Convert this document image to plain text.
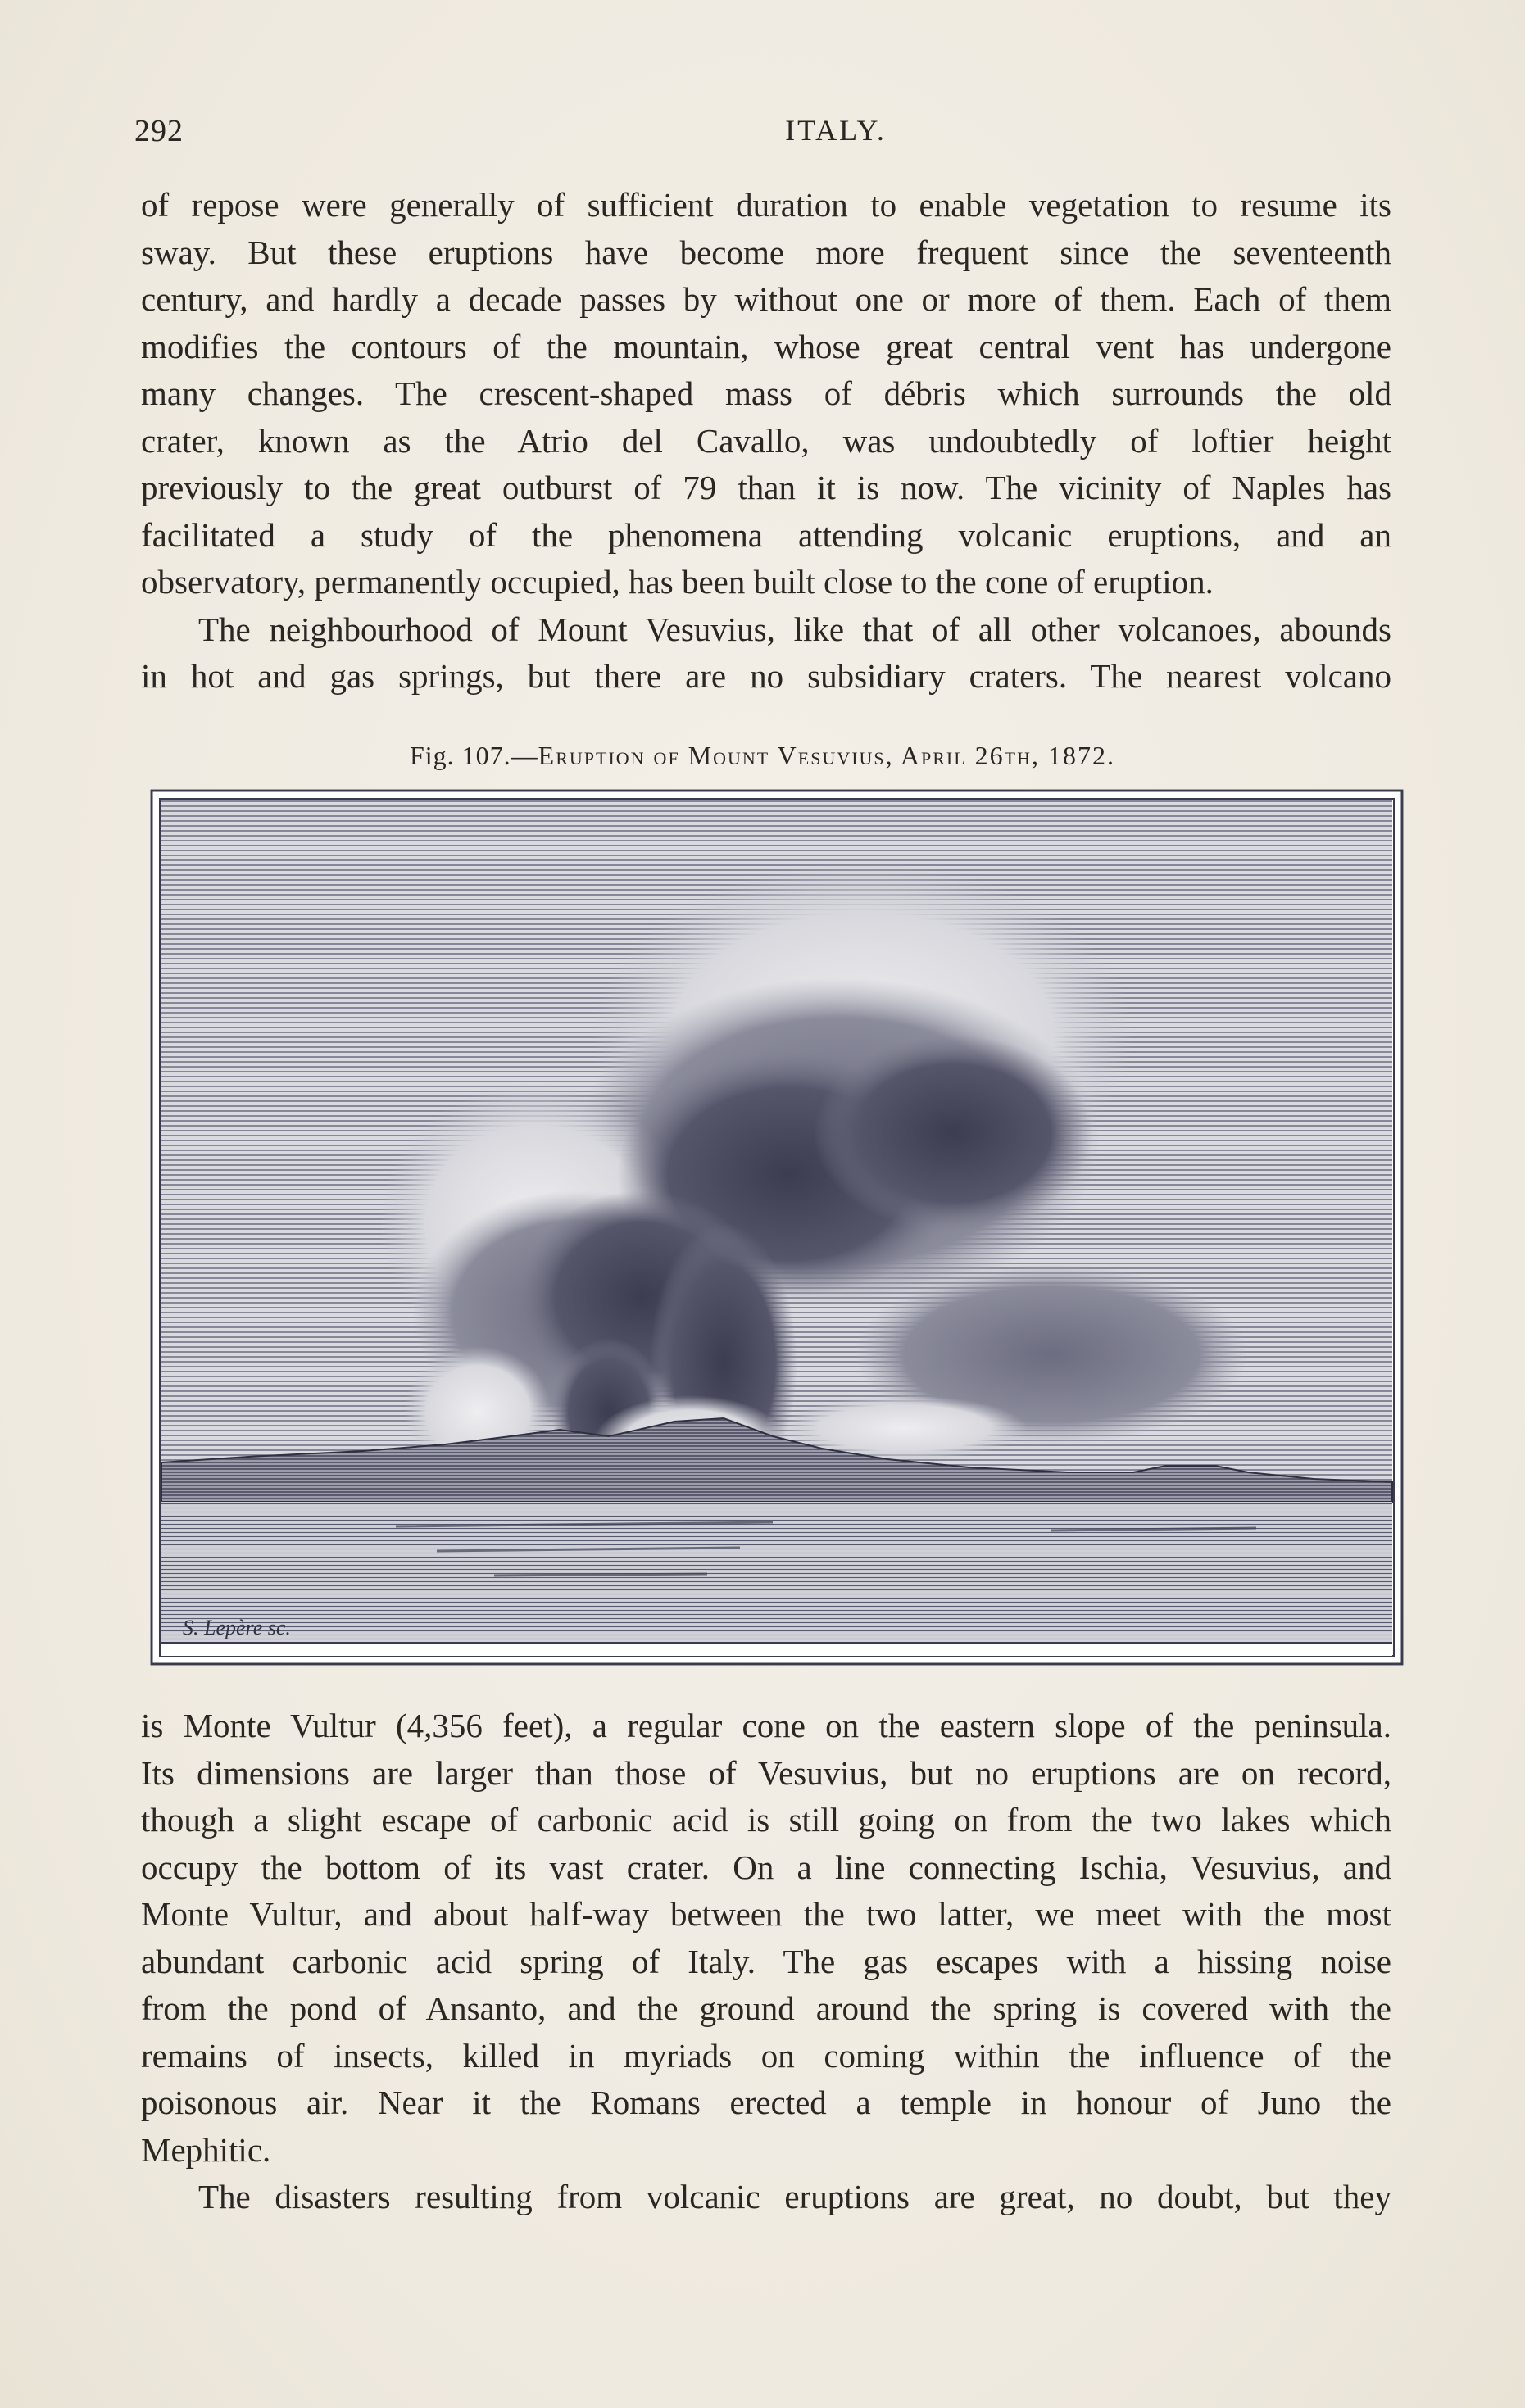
292	ITALY.

of repose were generally of sufficient duration to enable vegetation to resume its
sway. But these eruptions have become more frequent since the seventeenth
century, and hardly a decade passes by without one or more of them. Each of them
modifies the contours of the mountain, whose great central vent has undergone
many changes. The crescent-shaped mass of débris which surrounds the old
crater, known as the Atrio del Cavallo, was undoubtedly of loftier height
previously to the great outburst of 79 than it is now. The vicinity of Naples has
facilitated a study of the phenomena attending volcanic eruptions, and an
observatory, permanently occupied, has been built close to the cone of eruption.

The neighbourhood of Mount Vesuvius, like that of all other volcanoes, abounds
in hot and gas springs, but there are no subsidiary craters. The nearest volcano

Fig. 107.—Eruption of Mount Vesuvius, April 26th, 1872.
S. Lepère sc.

is Monte Vultur (4,356 feet), a regular cone on the eastern slope of the peninsula.
Its dimensions are larger than those of Vesuvius, but no eruptions are on record,
though a slight escape of carbonic acid is still going on from the two lakes which
occupy the bottom of its vast crater. On a line connecting Ischia, Vesuvius, and
Monte Vultur, and about half-way between the two latter, we meet with the most
abundant carbonic acid spring of Italy. The gas escapes with a hissing noise
from the pond of Ansanto, and the ground around the spring is covered with the
remains of insects, killed in myriads on coming within the influence of the
poisonous air. Near it the Romans erected a temple in honour of Juno the
Mephitic.

The disasters resulting from volcanic eruptions are great, no doubt, but they
